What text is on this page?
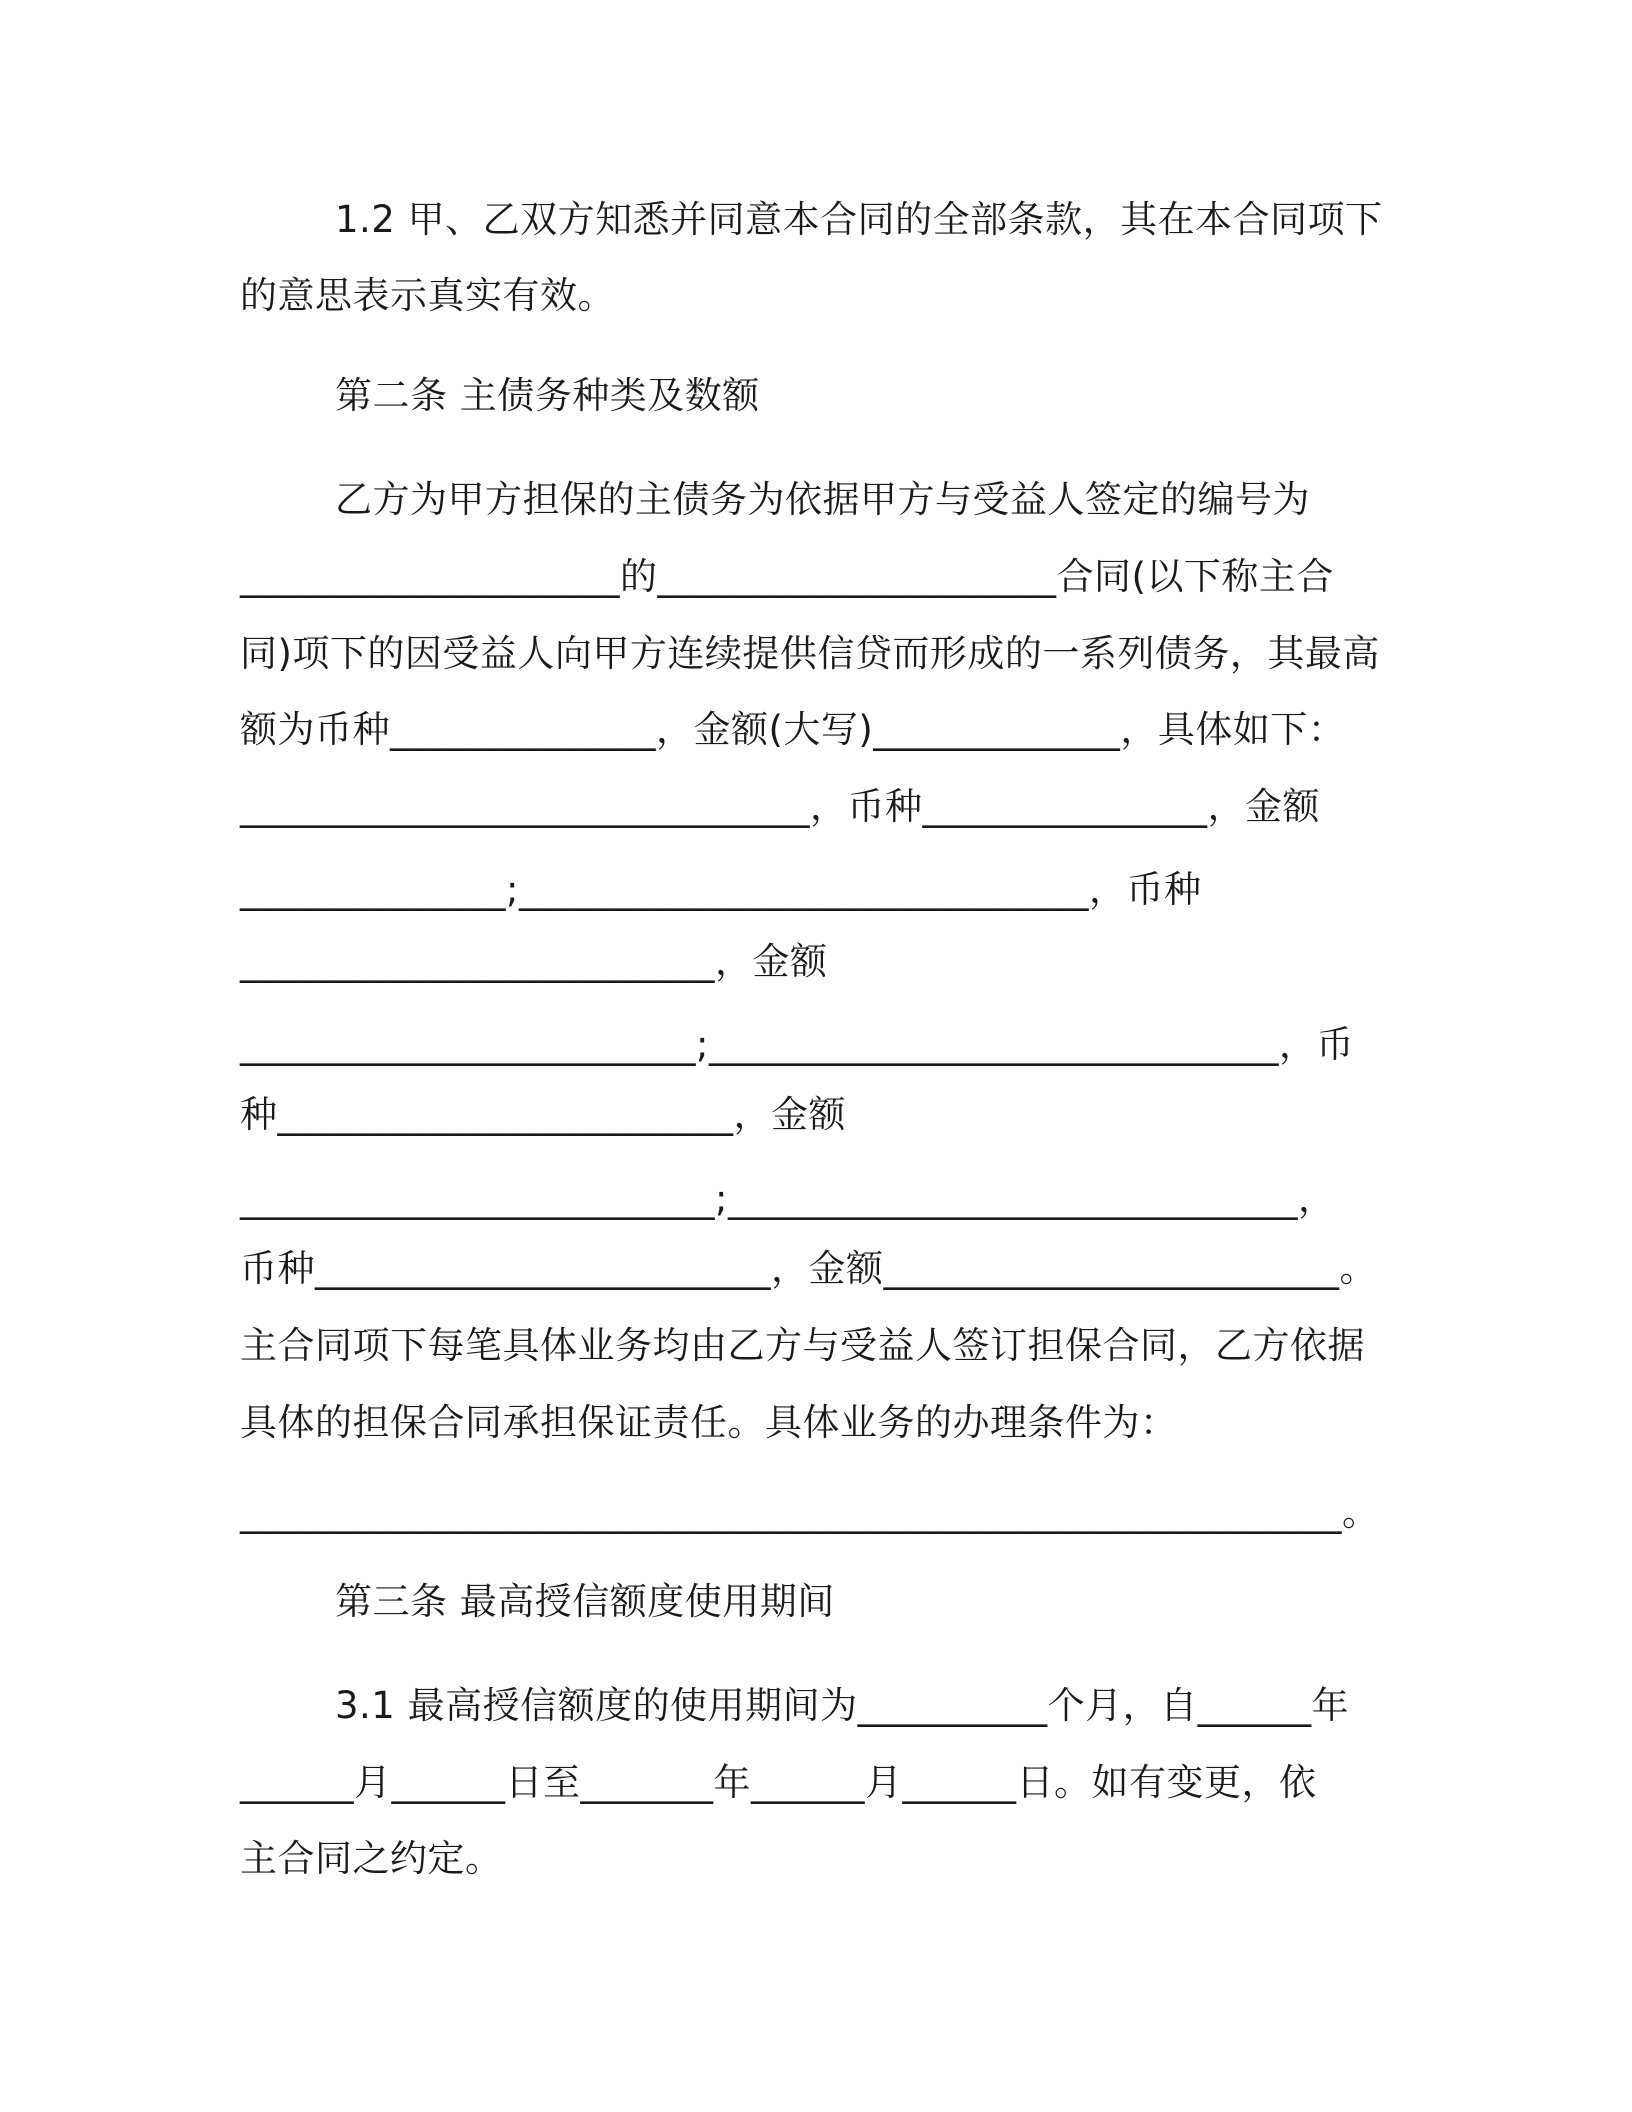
1.2 甲、乙双方知悉并同意本合同的全部条款，其在本合同项下
的意思表示真实有效。
第二条 主债务种类及数额
乙方为甲方担保的主债务为依据甲方与受益人签定的编号为
____________________的_____________________合同(以下称主合
同)项下的因受益人向甲方连续提供信贷而形成的一系列债务，其最高
额为币种______________，金额(大写)_____________，具体如下：
______________________________，币种_______________，金额
______________;______________________________，币种
_________________________，金额
________________________;______________________________，币
种________________________，金额
_________________________;______________________________，
币种________________________，金额________________________。
主合同项下每笔具体业务均由乙方与受益人签订担保合同，乙方依据
具体的担保合同承担保证责任。具体业务的办理条件为：
__________________________________________________________。
第三条 最高授信额度使用期间
3.1 最高授信额度的使用期间为__________个月，自______年
______月______日至_______年______月______日。如有变更，依
主合同之约定。
